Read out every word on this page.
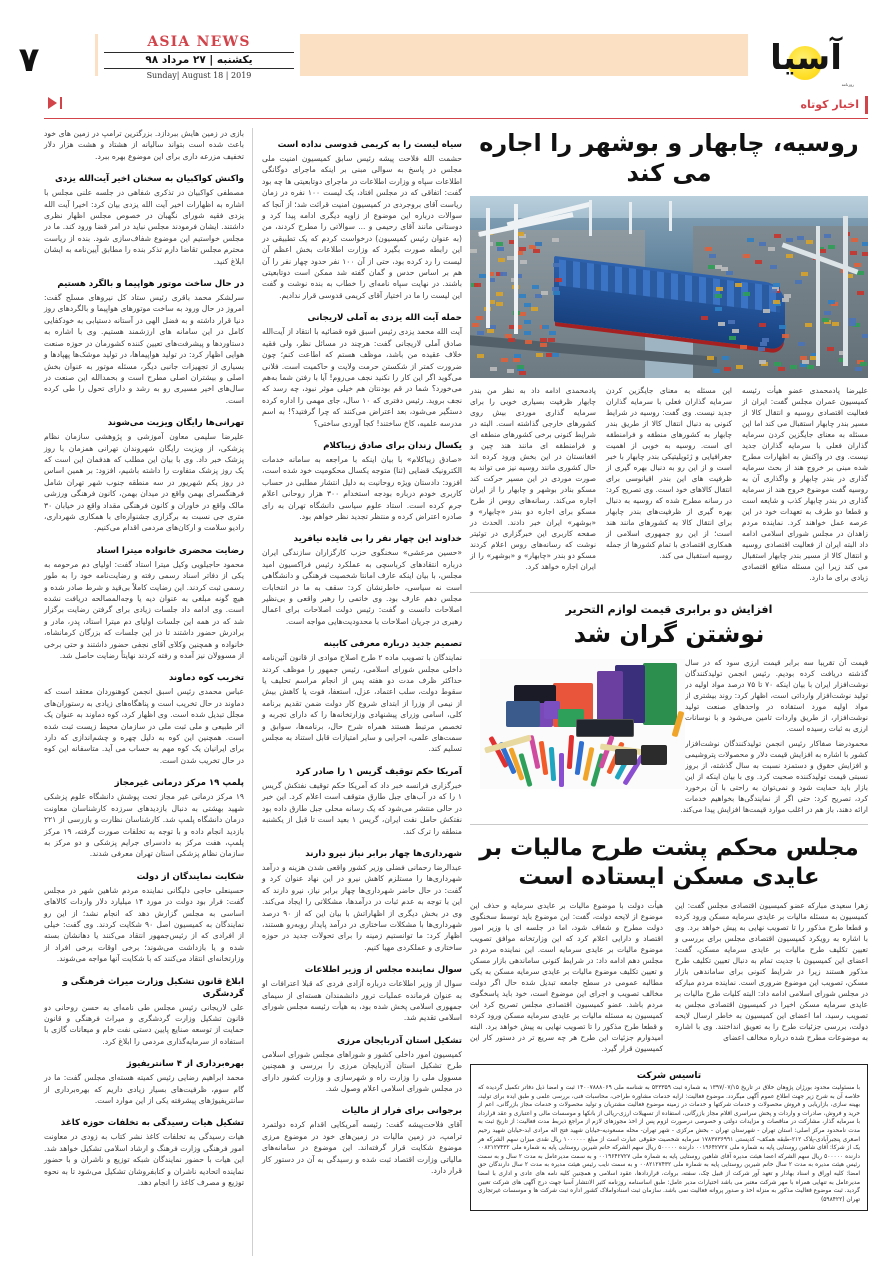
۷	ASIA NEWS
یکشنبه | ۲۷ مرداد ۹۸
Sunday| August 18 | 2019	آسیا
روزنامه
اخبار کوتاه
سیاه لیست را به کریمی قدوسی نداده است

حشمت الله فلاحت پیشه رئیس سابق کمیسیون امنیت ملی مجلس در پاسخ به سوالی مبنی بر اینکه ماجرای دوگانگی اطلاعات سپاه و وزارت اطلاعات در ماجرای دوتابعیتی ها چه بود گفت: اتفاقی که در مجلس افتاد، یک لیست ۱۰۰ نفره در زمان ریاست آقای بروجردی در کمیسیون امنیت قرائت شد؛ از آنجا که سوالات درباره این موضوع از زاویه دیگری ادامه پیدا کرد و دوستانی مانند آقای رحیمی و ... سوالاتی را مطرح کردند، من (به عنوان رئیس کمیسیون) درخواست کردم که یک تطبیقی در این رابطه صورت بگیرد که وزارت اطلاعات بخش اعظم آن لیست را رد کرده بود، حتی از آن ۱۰۰ نفر حدود چهار نفر را آن هم بر اساس حدس و گمان گفته شد ممکن است دوتابعیتی باشند. در نهایت سپاه نامه‌ای را خطاب به بنده نوشت و گفت این لیست را ما در اختیار آقای کریمی قدوسی قرار ندادیم.

حمله آیت الله یزدی به آملی لاریجانی

آیت الله محمد یزدی رئیس اسبق قوه قضائیه با انتقاد از آیت‌الله صادق آملی لاریجانی گفت: هرچند در مسائل نظر، ولی فقیه خلاف عقیده من باشد، موظف هستم که اطاعت کنم؛ چون ضرورت کمتر از شکستن حرمت ولایت و حاکمیت است. فلانی می‌گوید اگر این کار را نکنید نجف می‌روم! آیا با رفتن شما به‌هم می‌خورد؟ شما در قم بودنتان هم خیلی موثر نبود، چه رسد که نجف بروید. رئیس دفتری که ۱۰ سال، جای مهمی را اداره کرده دستگیر می‌شود، بعد اعتراض می‌کنند که چرا گرفتید؟! به اسم مدرسه علمیه، کاخ ساختند! کجا آوردی ساختی؟

یکسال زندان برای صادق زیباکلام

«صادق زیباکلام» با بیان اینکه با مراجعه به سامانه خدمات الکترونیک قضایی (ثنا) متوجه یکسال محکومیت خود شده است، افزود: دادستان ویژه روحانیت به دلیل انتشار مطلبی در حساب کاربری خودم درباره بودجه استخدام ۳۰۰ هزار روحانی اعلام جرم کرده است. استاد علوم سیاسی دانشگاه تهران به رای صادره اعتراض کرده و منتظر تجدید نظر خواهم بود.

خداوند این چهار نفر را بی فایده نیافرید

«حسین مرعشی» سخنگوی حزب کارگزاران سازندگی ایران درباره انتقادهای کرباسچی به عملکرد رئیس فراکسیون امید مجلس، با بیان اینکه عارف امانتا شخصیت فرهنگی و دانشگاهی است نه سیاسی، خاطرنشان کرد: سقف به ما در انتخابات مجلس دهم عارف بود. وی خاتمی را رهبر واقعی و بی‌نظیر اصلاحات دانست و گفت: رئیس دولت اصلاحات برای اعمال رهبری در جریان اصلاحات با محدودیت‌هایی مواجه است.

تصمیم جدید درباره معرفی کابینه

نمایندگان با تصویب ماده ۲ طرح اصلاح موادی از قانون آئین‌نامه داخلی مجلس شورای اسلامی، رئیس جمهور را موظف کردند حداکثر ظرف مدت دو هفته پس از انجام مراسم تحلیف یا سقوط دولت، سلب اعتماد، عزل، استعفا، فوت یا کاهش بیش از نیمی از وزرا از ابتدای شروع کار دولت ضمن تقدیم برنامه کلی، اسامی وزرای پیشنهادی وزارتخانه‌ها را که دارای تجربه و تخصص مرتبط هستند همراه شرح حال، برنامه‌ها، سوابق و سمت‌های علمی، اجرایی و سایر امتیازات قابل استناد به مجلس تسلیم کند.

آمریکا حکم توقیف گریس ۱ را صادر کرد

خبرگزاری فرانسه خبر داد که آمریکا حکم توقیف نفتکش گریس ۱ را که در آب‌های جبل طارق متوقف است اعلام کرد. این خبر در حالی منتشر می‌شود که یک رسانه محلی جبل طارق داده بود نفتکش حامل نفت ایران، گریس ۱ بعید است تا قبل از یکشنبه منطقه را ترک کند.

شهرداری‌ها چهار برابر نیاز نیرو دارند

عبدالرضا رحمانی فضلی وزیر کشور واقعی شدن هزینه و درآمد شهرداری‌ها را مستلزم کاهش نیرو در این نهاد عنوان کرد و گفت: در حال حاضر شهرداری‌ها چهار برابر نیاز، نیرو دارند که این با توجه به عدم ثبات در درآمدها، مشکلاتی را ایجاد می‌کند. وی در بخش دیگری از اظهاراتش با بیان این که از ۹۰ درصد شهرداری‌ها با مشکلات ساختاری در درآمد پایدار روبه‌رو هستند، اظهار کرد: ما توانستیم زمینه را برای تحولات جدید در حوزه ساختاری و عملکردی مهیا کنیم.

سوال نماینده مجلس از وزیر اطلاعات

سوال از وزیر اطلاعات درباره آزادی فردی که قبلا اعترافات او به عنوان فرمانده عملیات ترور دانشمندان هسته‌ای از سیمای جمهوری اسلامی پخش شده بود، به هیأت رئیسه مجلس شورای اسلامی تقدیم شد.

تشکیل استان آذربایجان مرزی

کمیسیون امور داخلی کشور و شوراهای مجلس شورای اسلامی طرح تشکیل استان آذربایجان مرزی را بررسی و همچنین مسوول ملی را وزارت راه و شهرسازی و وزارت کشور دارای در مجلس شورای اسلامی اعلام وصول شد.

برجوانی برای فرار از مالیات

آقای فلاحت‌پیشه گفت: رئیسه آمریکایی اقدام کرده دولتمرد ترامپ، در زمین مالیات در زمین‌های خود در موضوع مرزی موضوع شکایت قرار گرفته‌اند. این موضوع در سامانه‌های مالیاتی وزارت اقتصاد ثبت شده و رسیدگی به آن در دستور کار قرار دارد.

بازی در زمین هایش ببردازد. بزرگترین ترامپ در زمین های خود باعث شده است بتواند سالیانه از هشتاد و هشت هزار دلار تخفیف مزرعه داری برای این موضوع بهره ببرد.

واکنش کواکبیان به سخنان اخیر آیت‌الله یزدی

مصطفی کواکبیان در تذکری شفاهی در جلسه علنی مجلس با اشاره به اظهارات اخیر آیت الله یزدی بیان کرد: اخیرا آیت الله یزدی فقیه شورای نگهبان در خصوص مجلس اظهار نظری داشتند. ایشان فرمودند مجلس نباید در امر قضا ورود کند. ما در مجلس خواستیم این موضوع شفاف‌سازی شود. بنده از ریاست محترم مجلس تقاضا دارم تذکر بنده را مطابق آیین‌نامه به ایشان ابلاغ کنید.

در حال ساخت موتور هواپیما و بالگرد هستیم

سرلشکر محمد باقری رئیس ستاد کل نیروهای مسلح گفت: امروز در حال ورود به ساخت موتورهای هواپیما و بالگردهای روز دنیا قرار داشته و به فضل الهی در آستانه دستیابی به خودکفایی کامل در این سامانه های ارزشمند هستیم. وی با اشاره به دستاوردها و پیشرفت‌های تعیین کننده کشورمان در حوزه صنعت هوایی اظهار کرد: در تولید هواپیماها، در تولید موشک‌ها پهپادها و بسیاری از تجهیزات جانبی دیگر، مسئله موتور به عنوان بخش اصلی و بیشتران اصلی مطرح است و بحمدالله این صنعت در سال‌های اخیر مسیری رو به رشد و دارای تحول را طی کرده است.

تهرانی‌ها رایگان ویزیت می‌شوند

علیرضا سلیمی معاون آموزشی و پژوهشی سازمان نظام پزشکی، از ویزیت رایگان شهروندان تهرانی همزمان با روز پزشک خبر داد. وی با بیان این مطلب که هدفمان این است که یک روز پزشک متفاوت را داشته باشیم، افزود: بر همین اساس در روز یکم شهریور در سه منطقه جنوب شهر تهران شامل فرهنگسرای بهمن واقع در میدان بهمن، کانون فرهنگی ورزشی مالک واقع در خاوران و کانون فرهنگی مقداد واقع در خیابان ۳۰ متری جی نسبت به برگزاری جشنواره‌ای با همکاری شهرداری، رادیو سلامت و ارکان‌های مردمی اقدام می‌کنیم.

رضایت محضری خانواده میترا استاد

محمود حاجیلویی وکیل میترا استاد گفت: اولیای دم مرحومه به یکی از دفاتر اسناد رسمی رفته و رضایت‌نامه خود را به طور رسمی ثبت کردند. این رضایت کاملاً بی‌قید و شرط صادر شده و هیچ گونه مبلغی به عنوان دیه یا وجه‌المصالحه دریافت نشده است. وی ادامه داد جلسات زیادی برای گرفتن رضایت برگزار شد که در همه این جلسات اولیای دم میترا استاد، پدر، مادر و برادرش حضور داشتند تا در این جلسات که بزرگان کرمانشاه، خانواده و همچنین وکلای آقای نجفی حضور داشتند و حتی برخی از مسوولان نیز آمده و رفته کردند نهایتاً رضایت حاصل شد.

تخریب کوه دماوند

عباس محمدی رئیس اسبق انجمن کوهنوردان معتقد است که دماوند در حال تخریب است و پناهگاه‌های زیادی به رستوران‌های مجلل تبدیل شده است. وی اظهار کرد، کوه دماوند به عنوان یک اثر طبیعی و ملی ثبت ملی در سازمان محیط زیست ثبت شده است. همچنین این کوه به دلیل چهره و چشم‌اندازی که دارد برای ایرانیان یک کوه مهم به حساب می آید. متاسفانه این کوه در حال تخریب شدن است.

پلمپ ۱۹ مرکز درمانی غیرمجاز

۱۹ مرکز درمانی غیر مجاز تحت پوشش دانشگاه علوم پزشکی شهید بهشتی به دنبال بازدیدهای سرزده کارشناسان معاونت درمان دانشگاه پلمپ شد. کارشناسان نظارت و بازرسی از ۲۲۱ بازدید انجام داده و با توجه به تخلفات صورت گرفته، ۱۹ مرکز پلمپ، هفت مرکز به دادسرای جرایم پزشکی و دو مرکز به سازمان نظام پزشکی استان تهران معرفی شدند.

شکایت نمایندگان از دولت

حسینعلی حاجی دلیگانی نماینده مردم شاهین شهر در مجلس گفت: فرار بود دولت در مورد ۱۴ میلیارد دلار واردات کالاهای اساسی به مجلس گزارش دهد که انجام نشد؛ از این رو نمایندگان به کمیسیون اصل ۹۰ شکایت کردند. وی گفت: خیلی از افرادی که از رئیس‌جمهور انتقاد می‌کنند یا دهانشان بسته شده و یا بازداشت می‌شوند؛ برخی اوقات برخی افراد از وزارتخانه‌ای انتقاد می‌کنند که با شکایت آنها مواجه می‌شوند.

ابلاغ قانون تشکیل وزارت میراث فرهنگی و گردشگری

علی لاریجانی رئیس مجلس طی نامه‌ای به حسن روحانی دو قانون تشکیل وزارت گردشگری و میراث فرهنگی و قانون حمایت از توسعه صنایع پایین دستی نفت خام و میعانات گازی با استفاده از سرمایه‌گذاری مردمی را ابلاغ کرد.

بهره‌برداری از ۴ سانتریفیوژ

محمد ابراهیم رضایی رئیس کمیته هسته‌ای مجلس گفت: ما در گام سوم، ظرفیت‌های بسیار زیادی داریم که بهره‌برداری از سانتریفیوژهای پیشرفته یکی از این موارد است.

تشکیل هیات رسیدگی به تخلفات حوزه کاغذ

هیات رسیدگی به تخلفات کاغذ نشر کتاب به زودی در معاونت امور فرهنگی وزارت فرهنگ و ارشاد اسلامی تشکیل خواهد شد. این هیات با حضور نمایندگان شبکه توزیع و ناشران و با حضور نماینده اتحادیه ناشران و کتابفروشان تشکیل می‌شود تا به نحوه توزیع و مصرف کاغذ را انجام دهد.

روسیه، چابهار و بوشهر را اجاره می کند

علیرضا پادمحمدی عضو هیأت رئیسه کمیسیون عمران مجلس گفت: ایران از فعالیت اقتصادی روسیه و انتقال کالا از مسیر بندر چابهار استقبال می کند اما این مسئله به معنای جایگزین کردن سرمایه گذاران فعلی با سرمایه گذاران جدید نیست. وی در واکنش به اظهارات مطرح شده مبنی بر خروج هند از بحث سرمایه گذاری در بندر چابهار و واگذاری آن به روسیه گفت موضوع خروج هند از سرمایه گذاری در بندر چابهار کذب و شایعه است و قطعا دو طرف به تعهدات خود در این عرصه عمل خواهند کرد. نماینده مردم زاهدان در مجلس شورای اسلامی ادامه داد البته ایران از فعالیت اقتصادی روسیه و انتقال کالا از مسیر بندر چابهار استقبال می کند زیرا این مسئله منافع اقتصادی زیادی برای ما دارد.

این مسئله به معنای جایگزین کردن سرمایه گذاران فعلی با سرمایه گذاران جدید نیست. وی گفت: روسیه در شرایط کنونی به دنبال انتقال کالا از طریق بندر چابهار به کشورهای منطقه و فرامنطقه ای است. روسیه به خوبی از اهمیت جغرافیایی و ژئوپلیتیکی بندر چابهار با خبر است و از این رو به دنبال بهره گیری از ظرفیت های این بندر اقیانوسی برای انتقال کالاهای خود است. وی تصریح کرد: در رسانه مطرح شده که روسیه به دنبال بهره گیری از ظرفیت‌های بندر چابهار برای انتقال کالا به کشورهای مانند هند است؛ از این رو جمهوری اسلامی از همکاری اقتصادی با تمام کشورها از جمله روسیه استقبال می کند.

پادمحمدی ادامه داد به نظر من بندر چابهار ظرفیت بسیاری خوبی را برای سرمایه گذاری موردی بیش روی کشورهای خارجی گذاشته است. البته در شرایط کنونی برخی کشورهای منطقه ای و فرامنطقه ای مانند هند چین و افغانستان در این بخش ورود کرده اند حال کشوری مانند روسیه نیز می تواند به صورت موردی در این مسیر حرکت کند مسکو بنادر بوشهر و چابهار را از ایران اجاره می‌کند. رسانه‌های روس از طرح مسکو برای اجاره دو بندر «چابهار» و «بوشهر» ایران خبر دادند. الحدث در صفحه کاربری این خبرگزاری در توئیتر نوشت که رسانه‌های روس اعلام کردند مسکو دو بندر «چابهار» و «بوشهر» را از ایران اجاره خواهد کرد.

افزایش دو برابری قیمت لوازم التحریر
نوشتن گران شد

قیمت آن تقریبا سه برابر قیمت ارزی سود که در سال گذشته دریافت کرده بودیم. رئیس انجمن تولیدکنندگان نوشت‌افزار ایران با بیان اینکه ۷۰ تا ۷۵ درصد مواد اولیه در تولید نوشت‌افزار وارداتی است، اظهار کرد: روند بیشتری از مواد اولیه مورد استفاده در واحدهای صنعت تولید نوشت‌افزار، از طریق واردات تامین می‌شود و با نوسانات ارزی به ثبات رسیده است.

محمودرضا صفاکار رئیس انجمن تولیدکنندگان نوشت‌افزار کشور با اشاره به افزایش قیمت دلار و محصولات پتروشیمی و افزایش حقوق و دستمزد نسبت به سال گذشته، از بروز نسبتی قیمت تولیدکننده صحبت کرد. وی با بیان اینکه از این بازار باید حمایت شود و نمی‌توان به راحتی با آن برخورد کرد، تصریح کرد: حتی اگر از نمایندگی‌ها بخواهیم خدمات ارائه دهند، باز هم در اغلب موارد قیمت‌ها افزایش پیدا می‌کند.

مجلس محکم پشت طرح مالیات بر عایدی مسکن ایستاده است

زهرا سعیدی مبارکه عضو کمیسیون اقتصادی مجلس گفت: این کمیسیون به مسئله مالیات بر عایدی سرمایه مسکن ورود کرده و قطعا طرح مذکور را تا تصویب نهایی به پیش خواهد برد. وی با اشاره به رویکرد کمیسیون اقتصادی مجلس برای بررسی و تعیین تکلیف طرح مالیات بر عایدی سرمایه مسکن، گفت: اعضای این کمیسیون با جدیت تمام به دنبال تعیین تکلیف طرح مذکور هستند زیرا در شرایط کنونی برای ساماندهی بازار مسکن، تصویب این موضوع ضروری است. نماینده مردم مبارکه در مجلس شورای اسلامی ادامه داد: البته کلیات طرح مالیات بر عایدی سرمایه مسکن اخیرا در کمیسیون اقتصادی مجلس به تصویب رسید، اما اعضای این کمیسیون به خاطر ارسال لایحه دولت، بررسی جزئیات طرح را به تعویق انداختند. وی با اشاره به موضوعات مطرح شده درباره مخالف اعضای

هیأت دولت با موضوع مالیات بر عایدی سرمایه و حذف این موضوع از لایحه دولت، گفت: این موضوع باید توسط سخنگوی دولت مطرح و شفاف شود، اما در جلسه ای با وزیر امور اقتصاد و دارایی اعلام کرد که این وزارتخانه موافق تصویب موضوع مالیات بر عایدی سرمایه است. این نماینده مردم در مجلس دهم ادامه داد: در شرایط کنونی ساماندهی بازار مسکن و تعیین تکلیف موضوع مالیات بر عایدی سرمایه مسکن به یکی مطالبه عمومی در سطح جامعه تبدیل شده حال اگر دولت مخالف تصویب و اجرای این موضوع است، خود باید پاسخگوی مردم باشد. عضو کمیسیون اقتصادی مجلس تصریح کرد این کمیسیون به مسئله مالیات بر عایدی سرمایه مسکن ورود کرده و قطعا طرح مذکور را تا تصویب نهایی به پیش خواهد برد. البته امیدوارم جزئیات این طرح هر چه سریع تر در دستور کار این کمیسیون قرار گیرد.

تاسیس شرکت
با مسئولیت محدود بورژان پژوهان خلاق در تاریخ ۱۳۹۷/۰۷/۱۵ به شماره ثبت ۵۳۳۳۵۹ به شناسه ملی ۱۴۰۰۷۸۸۸۰۶۹ ثبت و امضا ذیل دفاتر تکمیل گردیده که خلاصه آن به شرح زیر جهت اطلاع عموم آگهی میگردد. موضوع فعالیت: ارایه خدمات مشاوره طراحی، محاسبات فنی، بررسی علمی و طبق ایده برای تولید، بهینه سازی، بازاریابی و فروش محصولات و خدمات شرکتها و خدمات در زمینه موضوع فعالیت مشتریان و تولید محصولات و خدمات مجاز بازرگانی، اعم از خرید و فروش، صادرات و واردات و پخش سراسری اقلام مجاز بازرگانی، استفاده از تسهیلات ارزی-ریالی از بانکها و موسسات مالی و اعتباری و عقد قرارداد با سرمایه گذار، مشارکت در مناقصات و مزایدات دولتی و خصوصی درصورت لزوم پس از اخذ مجوزهای لازم از مراجع ذیربط مدت فعالیت: از تاریخ ثبت به مدت نامحدود مرکز اصلی: استان تهران - شهرستان تهران - بخش مرکزی - شهر تهران- محله مسعودیه-خیابان شهید فتح اله مرادی ابد-خیابان شهید رحیم اصغری پنجبرآبادی-پلاک ۲۱۲-طبقه همکف- کدپستی ۱۷۸۳۷۳۶۹۹۱ سرمایه شخصیت حقوقی عبارت است از مبلغ ۱۰۰۰۰۰۰ ریال نقدی میزان سهم الشرکه هر یک از شرکا: آقای شاهین روستایی پایه به شماره ملی ۰۰۱۹۶۴۲۷۲۷ دارنده ۵۰۰۰۰۰ ریال سهم الشرکه خانم شیرین روستایی پایه به شماره ملی ۰۰۸۲۱۲۷۴۳۲ دارنده ۵۰۰۰۰۰ ریال سهم الشرکه اعضا هیئت مدیره آقای شاهین روستایی پایه به شماره ملی ۰۰۱۹۶۴۲۷۲۷ و به سمت مدیرعامل به مدت ۲ سال و به سمت رئیس هیئت مدیره به مدت ۲ سال خانم شیرین روستایی پایه به شماره ملی ۰۰۸۲۱۲۷۴۳۲ و به سمت نایب رئیس هیئت مدیره به مدت ۲ سال دارندگان حق امضا: کلیه اوراق و اسناد بهادار و تعهد آور شرکت از قبیل چک، سفته، بروات، قراردادها، عقود اسلامی و همچنین کلیه نامه های عادی و اداری با امضا مدیرعامل به تنهایی همراه با مهر شرکت معتبر می باشد اختیارات مدیر عامل: طبق اساسنامه روزنامه کثیر الانتشار آسیا جهت درج آگهی های شرکت تعیین گردید. ثبت موضوع فعالیت مذکور به منزله اخذ و صدور پروانه فعالیت نمی باشد. سازمان ثبت اسنادواملاک کشور اداره ثبت شرکت ها و موسسات غیرتجاری تهران (۵۹۸۴۲۲)
